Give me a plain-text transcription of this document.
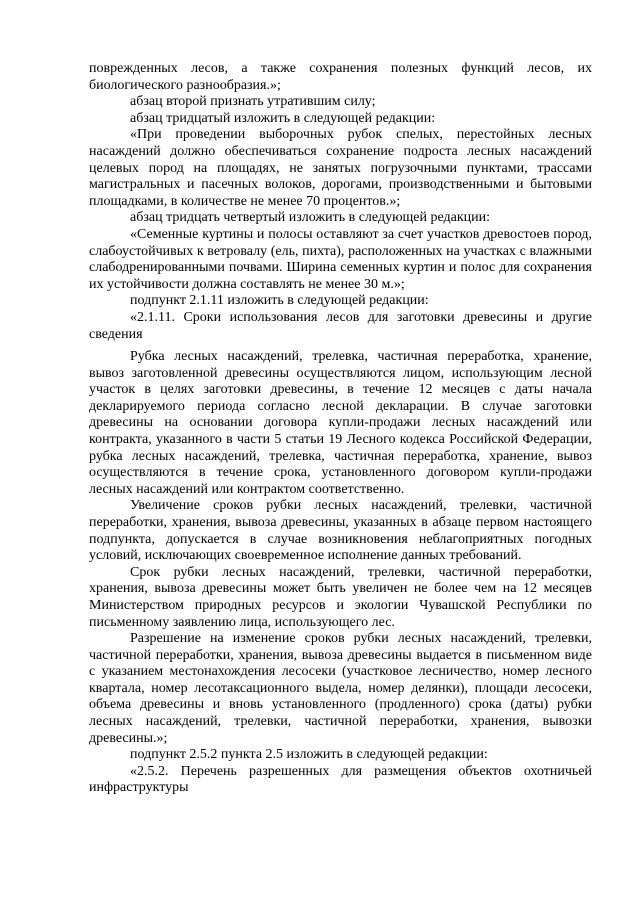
поврежденных лесов, а также сохранения полезных функций лесов, их биологического разнообразия.»;

абзац второй признать утратившим силу;

абзац тридцатый изложить в следующей редакции:

«При проведении выборочных рубок спелых, перестойных лесных насаждений должно обеспечиваться сохранение подроста лесных насаждений целевых пород на площадях, не занятых погрузочными пунктами, трассами магистральных и пасечных волоков, дорогами, производственными и бытовыми площадками, в количестве не менее 70 процентов.»;

абзац тридцать четвертый изложить в следующей редакции:

«Семенные куртины и полосы оставляют за счет участков древостоев пород, слабоустойчивых к ветровалу (ель, пихта), расположенных на участках с влажными слабодренированными почвами. Ширина семенных куртин и полос для сохранения их устойчивости должна составлять не менее 30 м.»;

подпункт 2.1.11 изложить в следующей редакции:

«2.1.11. Сроки использования лесов для заготовки древесины и другие сведения

Рубка лесных насаждений, трелевка, частичная переработка, хранение, вывоз заготовленной древесины осуществляются лицом, использующим лесной участок в целях заготовки древесины, в течение 12 месяцев с даты начала декларируемого периода согласно лесной декларации. В случае заготовки древесины на основании договора купли-продажи лесных насаждений или контракта, указанного в части 5 статьи 19 Лесного кодекса Российской Федерации, рубка лесных насаждений, трелевка, частичная переработка, хранение, вывоз осуществляются в течение срока, установленного договором купли-продажи лесных насаждений или контрактом соответственно.

Увеличение сроков рубки лесных насаждений, трелевки, частичной переработки, хранения, вывоза древесины, указанных в абзаце первом настоящего подпункта, допускается в случае возникновения неблагоприятных погодных условий, исключающих своевременное исполнение данных требований.

Срок рубки лесных насаждений, трелевки, частичной переработки, хранения, вывоза древесины может быть увеличен не более чем на 12 месяцев Министерством природных ресурсов и экологии Чувашской Республики по письменному заявлению лица, использующего лес.

Разрешение на изменение сроков рубки лесных насаждений, трелевки, частичной переработки, хранения, вывоза древесины выдается в письменном виде с указанием местонахождения лесосеки (участковое лесничество, номер лесного квартала, номер лесотаксационного выдела, номер делянки), площади лесосеки, объема древесины и вновь установленного (продленного) срока (даты) рубки лесных насаждений, трелевки, частичной переработки, хранения, вывозки древесины.»;

подпункт 2.5.2 пункта 2.5 изложить в следующей редакции:

«2.5.2. Перечень разрешенных для размещения объектов охотничьей инфраструктуры
